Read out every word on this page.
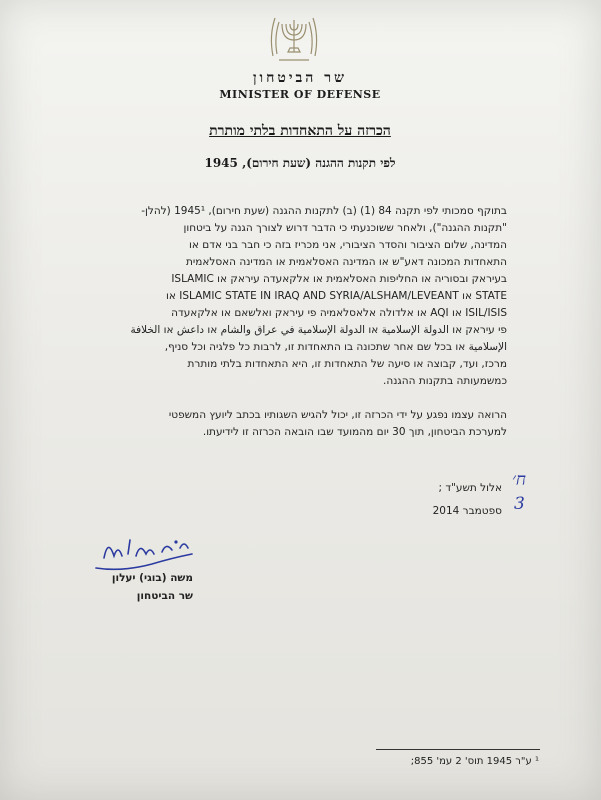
שר הביטחון
MINISTER OF DEFENSE
הכרזה על התאחדות בלתי מותרת
לפי תקנות ההגנה (שעת חירום), 1945
בתוקף סמכותי לפי תקנה 84 (1) (ב) לתקנות ההגנה (שעת חירום), 1945¹ (להלן-
"תקנות ההגנה"), ולאחר ששוכנעתי כי הדבר דרוש לצורך הגנה על ביטחון
המדינה, שלום הציבור והסדר הציבורי, אני מכריז בזה כי חבר בני אדם או
התאחדות המכונה דאע"ש או המדינה האסלאמית או המדינה האסלאמית
בעיראק ובסוריה או החליפות האסלאמית או אלקאעדה עיראק או ISLAMIC
STATE או ISLAMIC STATE IN IRAQ AND SYRIA/ALSHAM/LEVEANT או
ISIL/ISIS או AQI או אלדולה אלאסלאמיה פי עיראק ואלשאם או אלקאעדה
פי עיראק או الدولة الإسلامية או الدولة الإسلامية في عراق والشام או داعش או الخلافة
الإسلامية או בכל שם אחר שתכונה בו התאחדות זו, לרבות כל פלגיה וכל סניף,
מרכז, ועד, קבוצה או סיעה של התאחדות זו, היא התאחדות בלתי מותרת
כמשמעותה בתקנות ההגנה.
הרואה עצמו נפגע על ידי הכרזה זו, יכול להגיש השגותיו בכתב ליועץ המשפטי
למערכת הביטחון, תוך 30 יום מהמועד שבו הובאה הכרזה זו לידיעתו.
אלול תשע"ד ; ח׳
ספטמבר 2014 3
משה (בוגי) יעלון
שר הביטחון
¹ ע"ר 1945 תוס' 2 עמ' 855;
